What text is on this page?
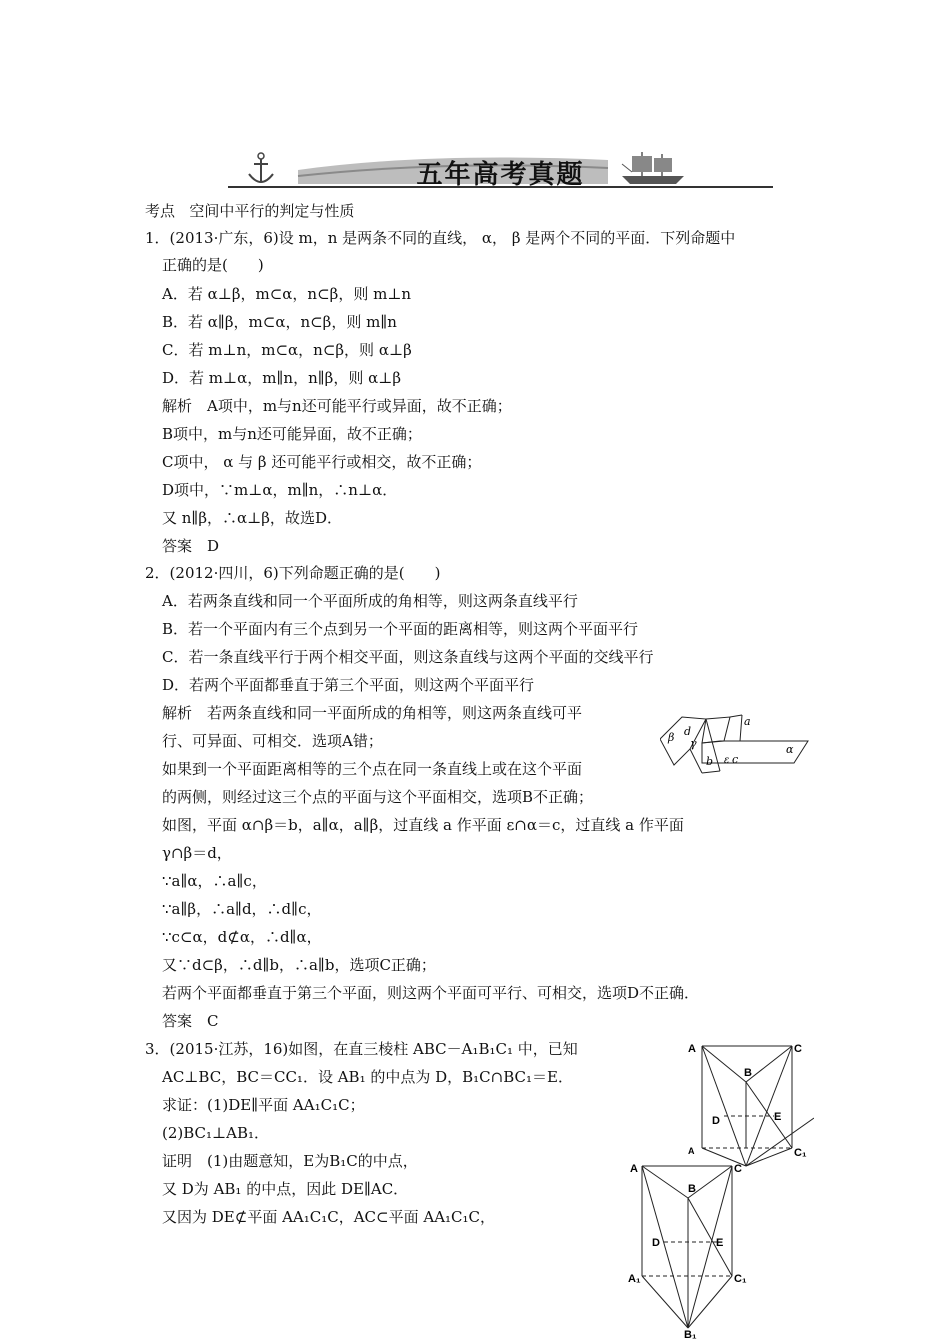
五年高考真题
考点 空间中平行的判定与性质
1．(2013·广东，6)设 m，n 是两条不同的直线， α， β 是两个不同的平面．下列命题中
正确的是(　　)
A．若 α⊥β，m⊂α，n⊂β，则 m⊥n
B．若 α∥β，m⊂α，n⊂β，则 m∥n
C．若 m⊥n，m⊂α，n⊂β，则 α⊥β
D．若 m⊥α，m∥n，n∥β，则 α⊥β
解析　A项中，m与n还可能平行或异面，故不正确；
B项中，m与n还可能异面，故不正确；
C项中， α 与 β 还可能平行或相交，故不正确；
D项中，∵m⊥α，m∥n，∴n⊥α．
又 n∥β，∴α⊥β，故选D．
答案　D
2．(2012·四川，6)下列命题正确的是(　　)
A．若两条直线和同一个平面所成的角相等，则这两条直线平行
B．若一个平面内有三个点到另一个平面的距离相等，则这两个平面平行
C．若一条直线平行于两个相交平面，则这条直线与这两个平面的交线平行
D．若两个平面都垂直于第三个平面，则这两个平面平行
解析　若两条直线和同一平面所成的角相等，则这两条直线可平
行、可异面、可相交．选项A错；
如果到一个平面距离相等的三个点在同一条直线上或在这个平面
的两侧，则经过这三个点的平面与这个平面相交，选项B不正确；
如图，平面 α∩β＝b，a∥α，a∥β，过直线 a 作平面 ε∩α＝c，过直线 a 作平面
γ∩β＝d，
∵a∥α，∴a∥c，
∵a∥β，∴a∥d，∴d∥c，
∵c⊂α，d⊄α，∴d∥α，
又∵d⊂β，∴d∥b，∴a∥b，选项C正确；
若两个平面都垂直于第三个平面，则这两个平面可平行、可相交，选项D不正确．
答案　C
3．(2015·江苏，16)如图，在直三棱柱 ABC－A₁B₁C₁ 中，已知
AC⊥BC，BC＝CC₁．设 AB₁ 的中点为 D，B₁C∩BC₁＝E．
求证：(1)DE∥平面 AA₁C₁C；
(2)BC₁⊥AB₁．
证明　(1)由题意知，E为B₁C的中点，
又 D为 AB₁ 的中点，因此 DE∥AC．
又因为 DE⊄平面 AA₁C₁C，AC⊂平面 AA₁C₁C，
β d
γ
a
α
b ε c
A	C
B
D	E
A	C₁
A	C
B
D	E
A₁	C₁
B₁
